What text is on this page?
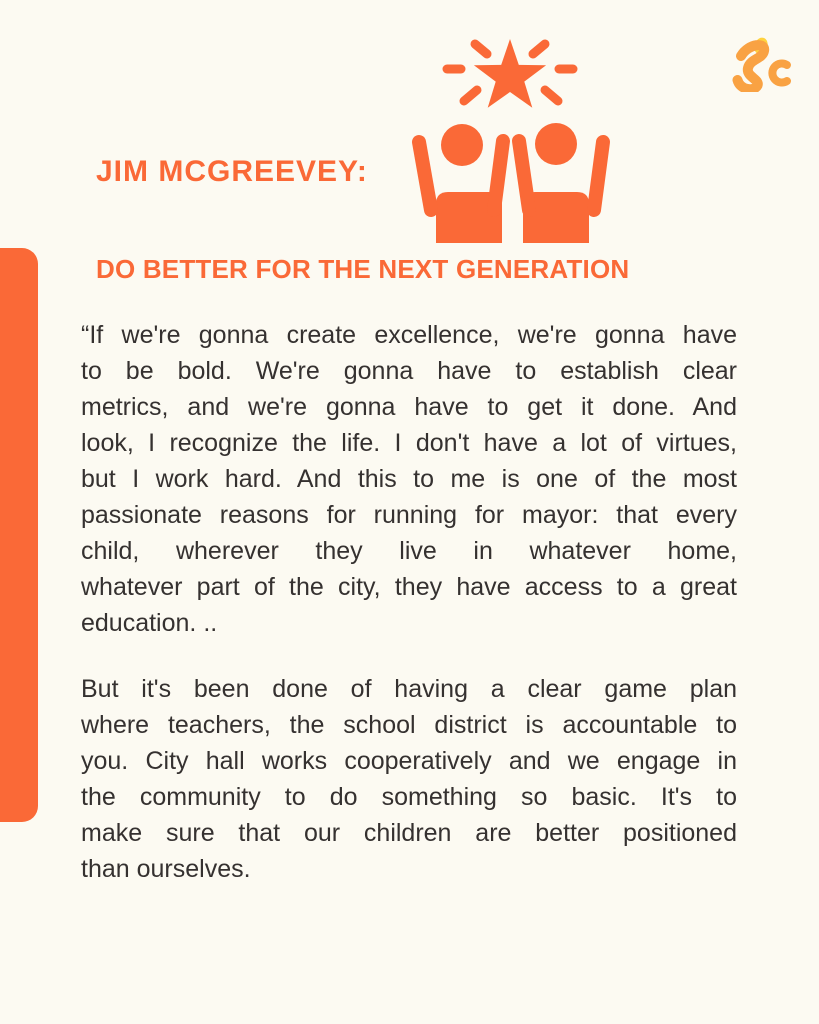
JIM MCGREEVEY:
DO BETTER FOR THE NEXT GENERATION
“If we're gonna create excellence, we're gonna have
to be bold. We're gonna have to establish clear
metrics, and we're gonna have to get it done. And
look, I recognize the life. I don't have a lot of virtues,
but I work hard. And this to me is one of the most
passionate reasons for running for mayor: that every
child, wherever they live in whatever home,
whatever part of the city, they have access to a great
education. ..
But it's been done of having a clear game plan
where teachers, the school district is accountable to
you. City hall works cooperatively and we engage in
the community to do something so basic. It's to
make sure that our children are better positioned
than ourselves.
